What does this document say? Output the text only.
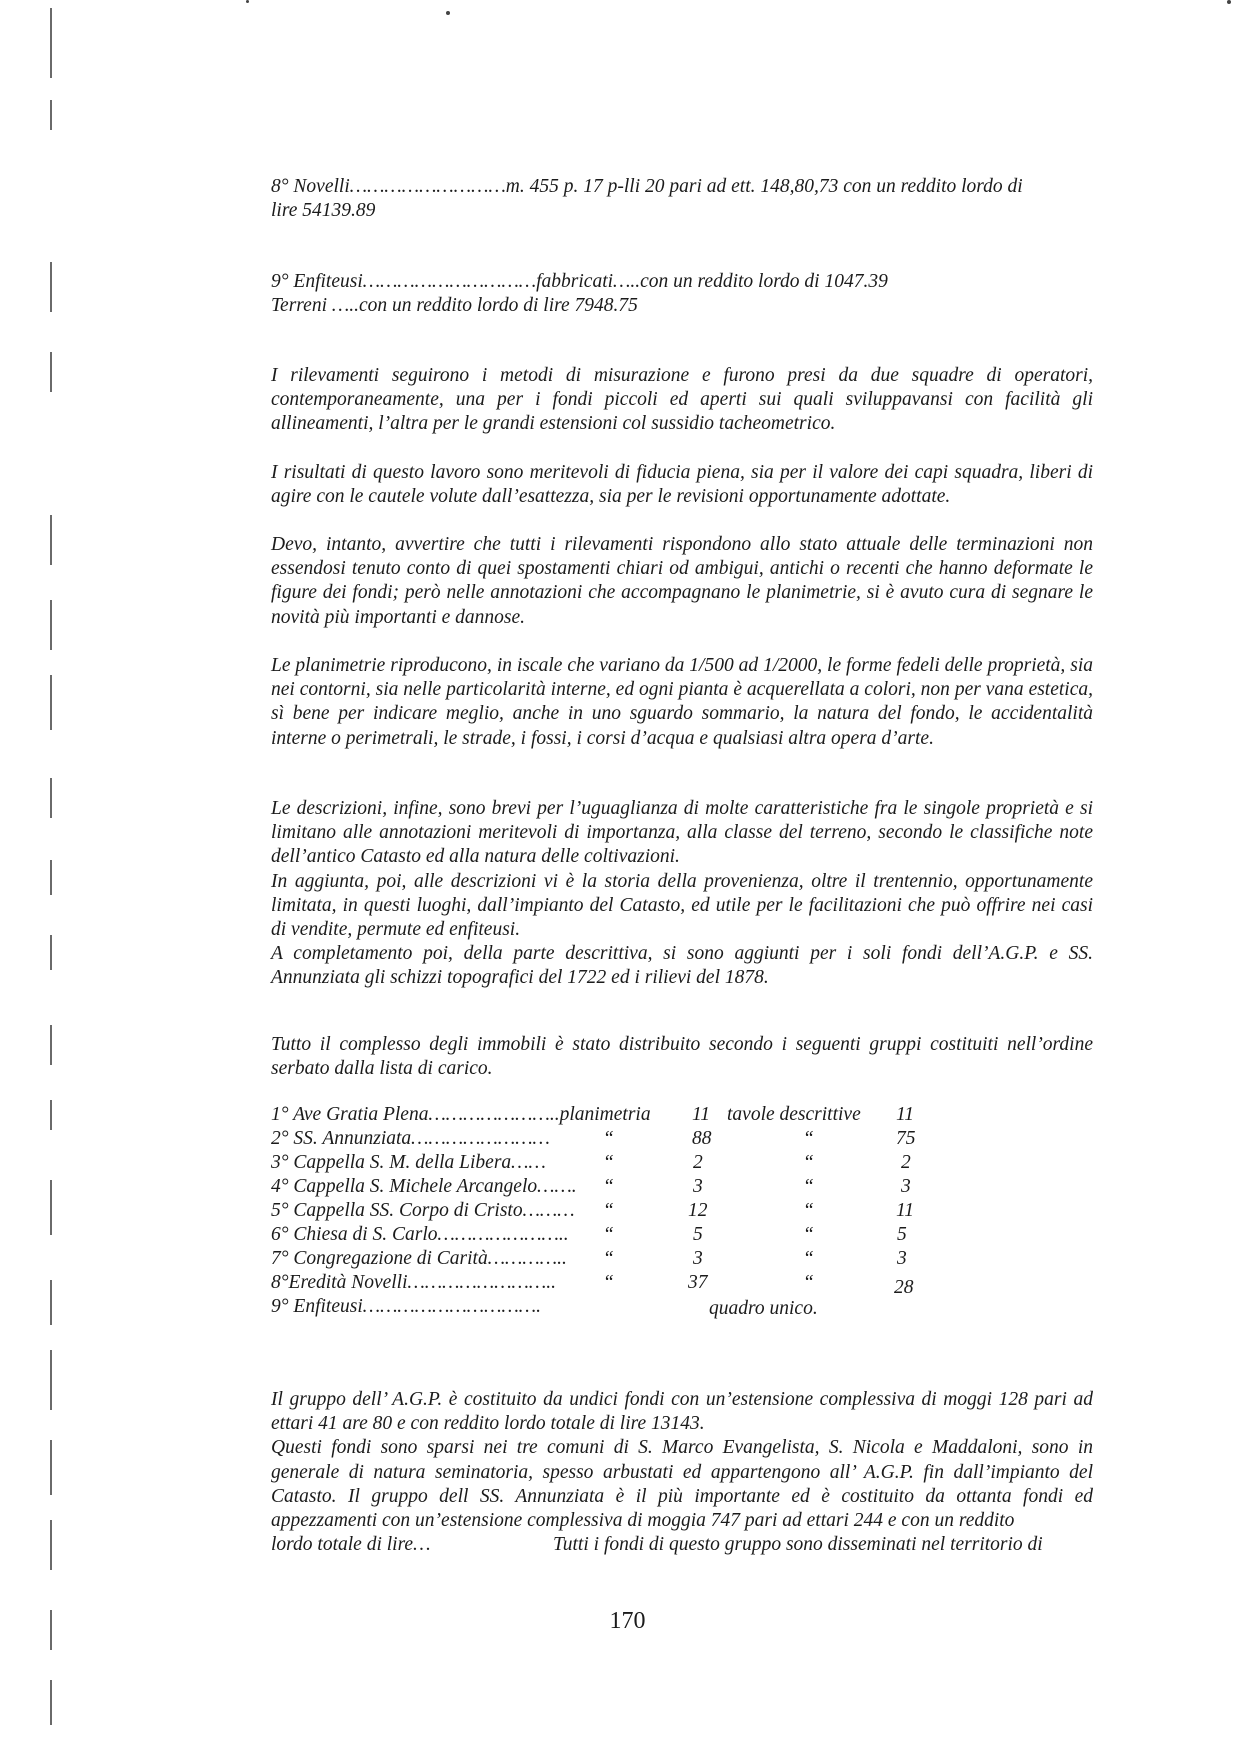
8° Novelli………………………m. 455 p. 17 p-lli 20 pari ad ett. 148,80,73 con un reddito lordo di
lire 54139.89
9° Enfiteusi…………………………fabbricati…..con un reddito lordo di 1047.39
Terreni …..con un reddito lordo di lire 7948.75

I rilevamenti seguirono i metodi di misurazione e furono presi da due squadre di operatori, contemporaneamente, una per i fondi piccoli ed aperti sui quali sviluppavansi con facilità gli allineamenti, l’altra per le grandi estensioni col sussidio tacheometrico.

I risultati di questo lavoro sono meritevoli di fiducia piena, sia per il valore dei capi squadra, liberi di agire con le cautele volute dall’esattezza, sia per le revisioni opportunamente adottate.

Devo, intanto, avvertire che tutti i rilevamenti rispondono allo stato attuale delle terminazioni non essendosi tenuto conto di quei spostamenti chiari od ambigui, antichi o recenti che hanno deformate le figure dei fondi; però nelle annotazioni che accompagnano le planimetrie, si è avuto cura di segnare le novità più importanti e dannose.

Le planimetrie riproducono, in iscale che variano da 1/500 ad 1/2000, le forme fedeli delle proprietà, sia nei contorni, sia nelle particolarità interne, ed ogni pianta è acquerellata a colori, non per vana estetica, sì bene per indicare meglio, anche in uno sguardo sommario, la natura del fondo, le accidentalità interne o perimetrali, le strade, i fossi, i corsi d’acqua e qualsiasi altra opera d’arte.

Le descrizioni, infine, sono brevi per l’uguaglianza di molte caratteristiche fra le singole proprietà e si limitano alle annotazioni meritevoli di importanza, alla classe del terreno, secondo le classifiche note dell’antico Catasto ed alla natura delle coltivazioni.

In aggiunta, poi, alle descrizioni vi è la storia della provenienza, oltre il trentennio, opportunamente limitata, in questi luoghi, dall’impianto del Catasto, ed utile per le facilitazioni che può offrire nei casi di vendite, permute ed enfiteusi.

A completamento poi, della parte descrittiva, si sono aggiunti per i soli fondi dell’A.G.P. e SS. Annunziata gli schizzi topografici del 1722 ed i rilievi del 1878.

Tutto il complesso degli immobili è stato distribuito secondo i seguenti gruppi costituiti nell’ordine serbato dalla lista di carico.

1° Ave Gratia Plena…………………..planimetria 11 tavole descrittive 11
2° SS. Annunziata……………………	“	88	“	75
3° Cappella S. M. della Libera……	“	2	“	2
4° Cappella S. Michele Arcangelo……. “	3	“	3
5° Cappella SS. Corpo di Cristo……… “	12	“	11
6° Chiesa di S. Carlo………………….. “	5	“	5
7° Congregazione di Carità………….. “	3	“	3
8°Eredità Novelli…………………….. “	37	“	28
9° Enfiteusi………………………….	quadro unico.

Il gruppo dell’ A.G.P. è costituito da undici fondi con un’estensione complessiva di moggi 128 pari ad ettari 41 are 80 e con reddito lordo totale di lire 13143.

Questi fondi sono sparsi nei tre comuni di S. Marco Evangelista, S. Nicola e Maddaloni, sono in generale di natura seminatoria, spesso arbustati ed appartengono all’ A.G.P. fin dall’impianto del Catasto. Il gruppo dell SS. Annunziata è il più importante ed è costituito da ottanta fondi ed appezzamenti con un’estensione complessiva di moggia 747 pari ad ettari 244 e con un reddito

lordo totale di lire…	Tutti i fondi di questo gruppo sono disseminati nel territorio di
170
